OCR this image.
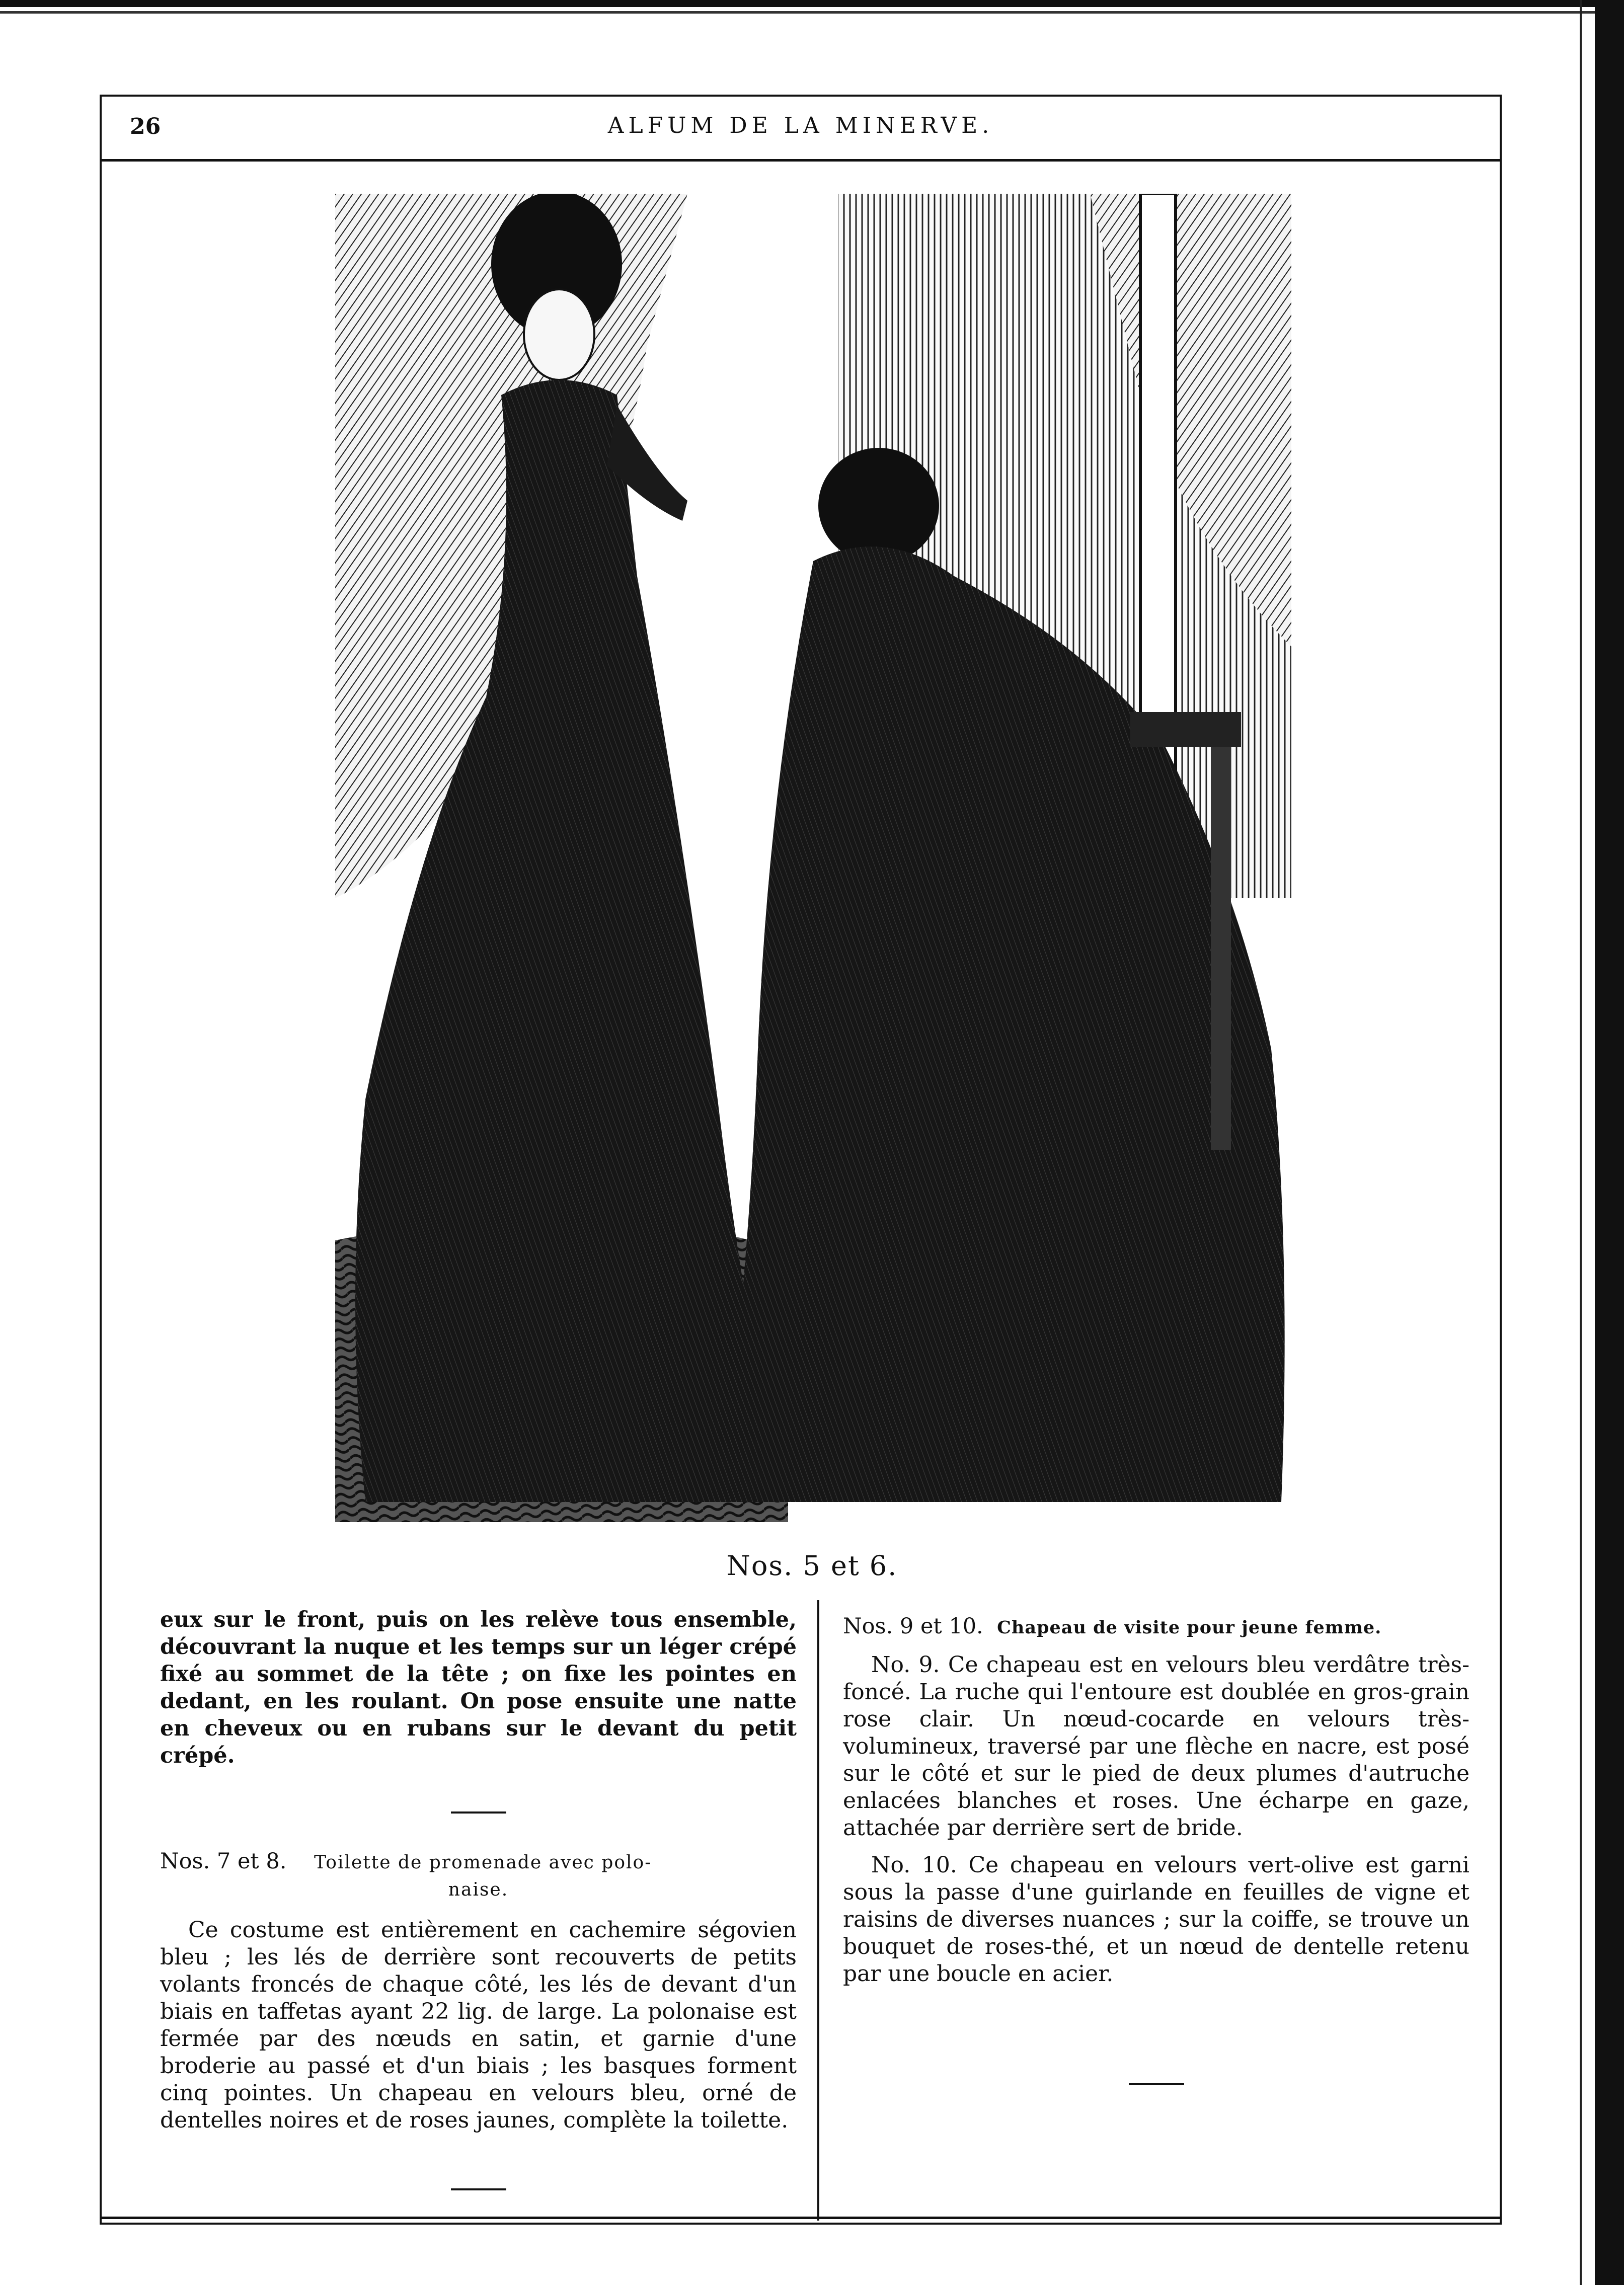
26	ALFUM DE LA MINERVE.
Nos. 5 et 6.

eux sur le front, puis on les relève tous ensemble, découvrant la nuque et les temps sur un léger crépé fixé au sommet de la tête ; on fixe les pointes en dedant, en les roulant. On pose ensuite une natte en cheveux ou en rubans sur le devant du petit crépé.

Nos. 7 et 8. Toilette de promenade avec polo-
naise.

Ce costume est entièrement en cachemire ségovien bleu ; les lés de derrière sont recouverts de petits volants froncés de chaque côté, les lés de devant d'un biais en taffetas ayant 22 lig. de large. La polonaise est fermée par des nœuds en satin, et garnie d'une broderie au passé et d'un biais ; les basques forment cinq pointes. Un chapeau en velours bleu, orné de dentelles noires et de roses jaunes, complète la toilette.

Nos. 9 et 10. Chapeau de visite pour jeune femme.

No. 9. Ce chapeau est en velours bleu verdâtre très-foncé. La ruche qui l'entoure est doublée en gros-grain rose clair. Un nœud-cocarde en velours très-volumineux, traversé par une flèche en nacre, est posé sur le côté et sur le pied de deux plumes d'autruche enlacées blanches et roses. Une écharpe en gaze, attachée par derrière sert de bride.

No. 10. Ce chapeau en velours vert-olive est garni sous la passe d'une guirlande en feuilles de vigne et raisins de diverses nuances ; sur la coiffe, se trouve un bouquet de roses-thé, et un nœud de dentelle retenu par une boucle en acier.
